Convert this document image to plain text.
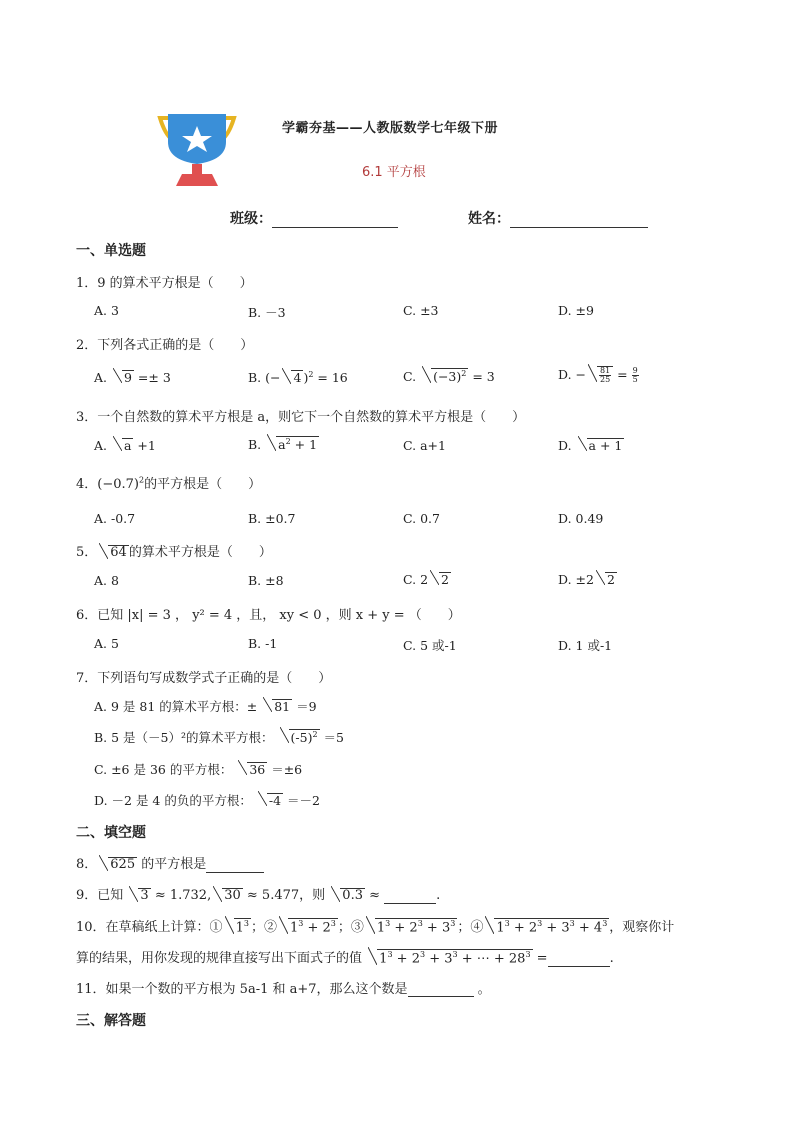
学霸夯基——人教版数学七年级下册
6.1 平方根
班级：	姓名：
一、单选题
1．9 的算术平方根是（　　）
A. 3	B. －3	C. ±3	D. ±9
2．下列各式正确的是（　　）
A. 9 =± 3	B. (− 4 )$^2$ = 16	C. $(-3)^2 = 3$	D. − $\frac{81}{25} = \frac{9}{5}$
3．一个自然数的算术平方根是 a，则它下一个自然数的算术平方根是（　　）
A. a +1	B. $a^2 + 1$	C. a+1	D. a + 1
4．$(-0.7)^2$的平方根是（　　）
A. -0.7	B. ±0.7	C. 0.7	D. 0.49
5． 64 的算术平方根是（　　）
A. 8	B. ±8	C. 2 2	D. ±2 2
6．已知 |x| = 3 ， y² = 4 ，且， xy < 0 ，则 x + y = （　　）
A. 5	B. -1	C. 5 或-1	D. 1 或-1
7．下列语句写成数学式子正确的是（　　）
A. 9 是 81 的算术平方根：± 81 ＝9
B. 5 是（－5）²的算术平方根： $(-5)^2 =5$
C. ±6 是 36 的平方根： 36 ＝±6
D. －2 是 4 的负的平方根： -4 ＝－2
二、填空题
8． 625 的平方根是
9．已知 3 ≈ 1.732, 30 ≈ 5.477，则 0.3 ≈	.
10．在草稿纸上计算：① $1^3$ ；② $1^3 + 2^3$ ；③ $1^3 + 2^3 + 3^3$ ；④ $1^3 + 2^3 + 3^3 + 4^3$ ，观察你计
算的结果，用你发现的规律直接写出下面式子的值 $1^3 + 2^3 + 3^3$ + ⋯ + $28^3$ =	.
11．如果一个数的平方根为 5a-1 和 a+7，那么这个数是	。
三、解答题
